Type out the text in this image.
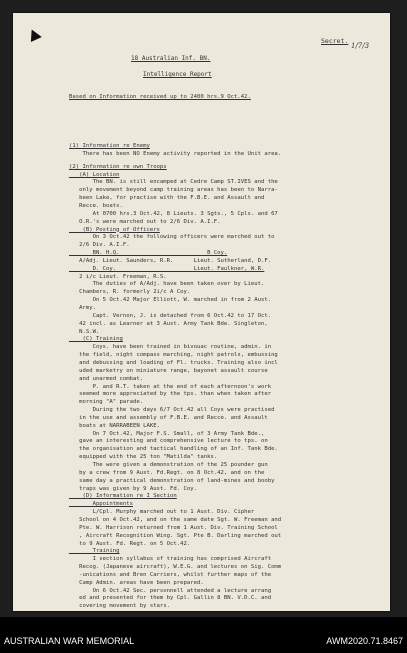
Secret.
1/7/3
18 Australian Inf. BN.
Intelligence Report
Based on Information received up to 2400 hrs.9 Oct.42.
(1) Information re Enemy
There has been NO Enemy activity reported in the Unit area.
(2) Information re own Troops
(A) Location
The BN. is still encamped at Cedre Camp ST.IVES and the
only movement beyond camp training areas has been to Narra-
been Lake, for practise with the F.B.E. and Assault and
Recce. boats.
At 0700 hrs.3 Oct.42, 8 Lieuts. 3 Sgts., 5 Cpls. and 67
O.R.'s were marched out to 2/6 Div. A.I.F.
(B) Posting of Officers
On 3 Oct.42 the following officers were marched out to
2/6 Div. A.I.F.
BN. H.Q.                          B Coy.
A/Adj. Lieut. Saunders, R.R.      Lieut. Sutherland, D.F.
D. Coy.                       Lieut. Faulkner, W.R.
2 i/c Lieut. Freeman, R.S.
The duties of A/Adj. have been taken over by Lieut.
Chambers, R. formerly 2i/c A Coy.
On 5 Oct.42 Major Elliott, W. marched in from 2 Aust.
Army.
Capt. Vernon, J. is detached from 6 Oct.42 to 17 Oct.
42 incl. as Learner at 3 Aust. Army Tank Bde. Singleton,
N.S.W.
(C) Training
Coys. have been trained in bivouac routine, admin. in
the field, night compass marching, night patrols, embussing
and debussing and loading of Fl. trucks. Training also incl
uded marketry on miniature range, bayonet assault course
and unarmed combat.
P. and R.T. taken at the end of each afternoon's work
seemed more appreciated by the tps. than when taken after
morning "A" parade.
During the two days 6/7 Oct.42 all Coys were practised
in the use and assembly of F.B.E. and Recce. and Assault
boats at NARRABEEN LAKE.
On 7 Oct.42, Major F.S. Small, of 3 Army Tank Bde.,
gave an interesting and comprehensive lecture to tps. on
the organisation and tactical handling of an Inf. Tank Bde.
equipped with the 25 ton "Matilda" tanks.
The were given a demonstration of the 25 pounder gun
by a crew from 9 Aust. Fd.Regt. on 8 Oct.42, and on the
same day a practical demonstration of land-mines and booby
traps was given by 9 Aust. Fd. Coy.
(D) Information re I Section
Appointments
L/Cpl. Murphy marched out to 1 Aust. Div. Cipher
School on 4 Oct.42, and on the same date Sgt. W. Freeman and
Pte. W. Harrison returned from 1 Aust. Div. Training School
, Aircraft Recognition Wing. Sgt. Pte B. Darling marched out
to 9 Aust. Fd. Regt. on 5 Oct.42.
Training
I section syllabus of training has comprised Aircraft
Recog. (Japanese aircraft), W.E.G. and lectures on Sig. Comm
-unications and Bren Carriers, whilst further maps of the
Camp Admin. areas have been prepared.
On 6 Oct.42 Sec. personnell attended a lecture arrang
ed and presented for them by Cpl. Gallin 8 BN. V.D.C. and
covering movement by stars.
AUSTRALIAN WAR MEMORIAL	AWM2020.71.8467
